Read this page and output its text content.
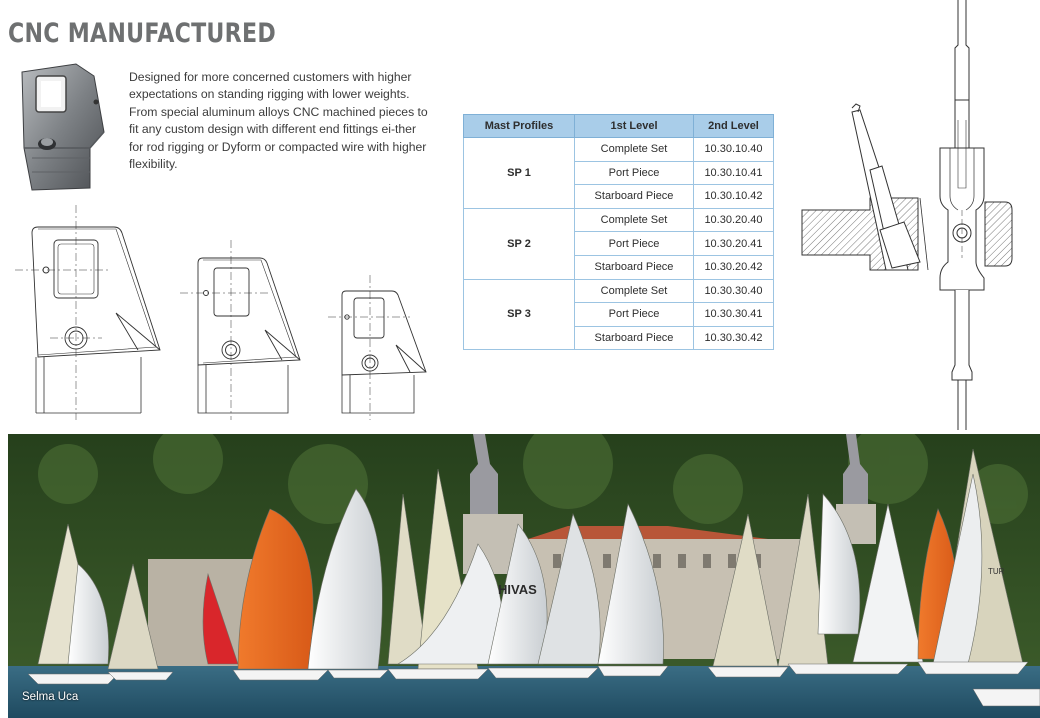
CNC MANUFACTURED

Designed for more concerned customers with higher expectations on standing rigging with lower weights. From special aluminum alloys CNC machined pieces to fit any custom design with different end fittings ei-ther for rod rigging or Dyform or compacted wire with higher flexibility.

Mast Profiles	1st Level	2nd Level
SP 1	Complete Set	10.30.10.40
	Port Piece	10.30.10.41
	Starboard Piece	10.30.10.42
SP 2	Complete Set	10.30.20.40
	Port Piece	10.30.20.41
	Starboard Piece	10.30.20.42
SP 3	Complete Set	10.30.30.40
	Port Piece	10.30.30.41
	Starboard Piece	10.30.30.42
HIVAS
TUR
Selma Uca
